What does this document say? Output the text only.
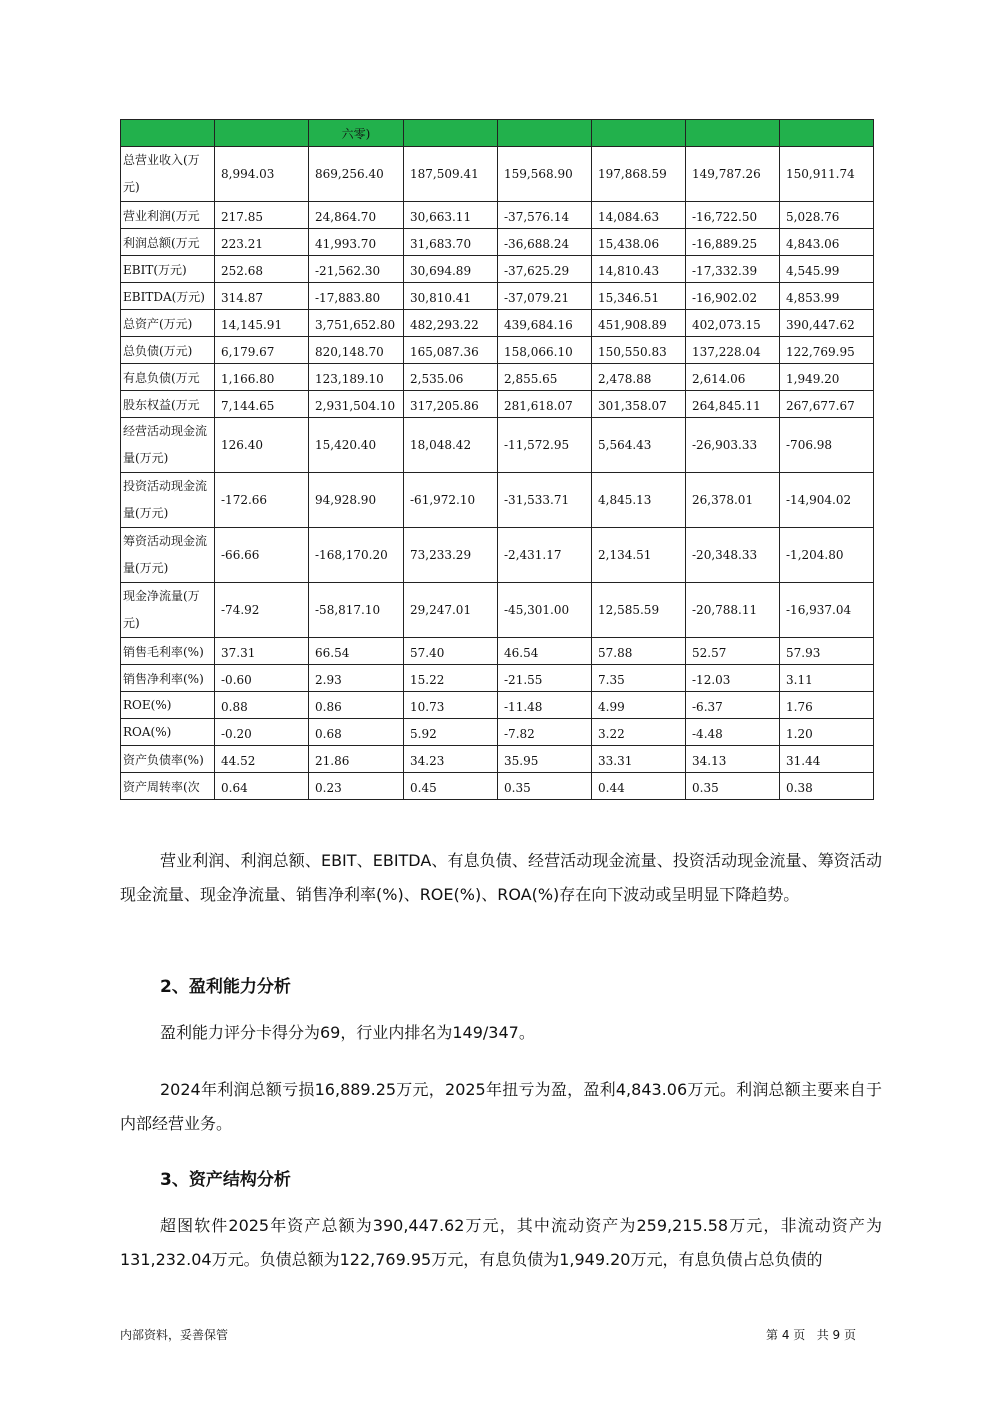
		六零)					
总营业收入(万元)	8,994.03	869,256.40	187,509.41	159,568.90	197,868.59	149,787.26	150,911.74
营业利润(万元	217.85	24,864.70	30,663.11	-37,576.14	14,084.63	-16,722.50	5,028.76
利润总额(万元	223.21	41,993.70	31,683.70	-36,688.24	15,438.06	-16,889.25	4,843.06
EBIT(万元)	252.68	-21,562.30	30,694.89	-37,625.29	14,810.43	-17,332.39	4,545.99
EBITDA(万元)	314.87	-17,883.80	30,810.41	-37,079.21	15,346.51	-16,902.02	4,853.99
总资产(万元)	14,145.91	3,751,652.80	482,293.22	439,684.16	451,908.89	402,073.15	390,447.62
总负债(万元)	6,179.67	820,148.70	165,087.36	158,066.10	150,550.83	137,228.04	122,769.95
有息负债(万元	1,166.80	123,189.10	2,535.06	2,855.65	2,478.88	2,614.06	1,949.20
股东权益(万元	7,144.65	2,931,504.10	317,205.86	281,618.07	301,358.07	264,845.11	267,677.67
经营活动现金流量(万元)	126.40	15,420.40	18,048.42	-11,572.95	5,564.43	-26,903.33	-706.98
投资活动现金流量(万元)	-172.66	94,928.90	-61,972.10	-31,533.71	4,845.13	26,378.01	-14,904.02
筹资活动现金流量(万元)	-66.66	-168,170.20	73,233.29	-2,431.17	2,134.51	-20,348.33	-1,204.80
现金净流量(万元)	-74.92	-58,817.10	29,247.01	-45,301.00	12,585.59	-20,788.11	-16,937.04
销售毛利率(%)	37.31	66.54	57.40	46.54	57.88	52.57	57.93
销售净利率(%)	-0.60	2.93	15.22	-21.55	7.35	-12.03	3.11
ROE(%)	0.88	0.86	10.73	-11.48	4.99	-6.37	1.76
ROA(%)	-0.20	0.68	5.92	-7.82	3.22	-4.48	1.20
资产负债率(%)	44.52	21.86	34.23	35.95	33.31	34.13	31.44
资产周转率(次	0.64	0.23	0.45	0.35	0.44	0.35	0.38
营业利润、利润总额、EBIT、EBITDA、有息负债、经营活动现金流量、投资活动现金流量、筹资活动现金流量、现金净流量、销售净利率(%)、ROE(%)、ROA(%)存在向下波动或呈明显下降趋势。
2、盈利能力分析
盈利能力评分卡得分为69，行业内排名为149/347。
2024年利润总额亏损16,889.25万元，2025年扭亏为盈，盈利4,843.06万元。利润总额主要来自于内部经营业务。
3、资产结构分析
超图软件2025年资产总额为390,447.62万元，其中流动资产为259,215.58万元，非流动资产为131,232.04万元。负债总额为122,769.95万元，有息负债为1,949.20万元，有息负债占总负债的
内部资料，妥善保管	第 4 页   共 9 页
